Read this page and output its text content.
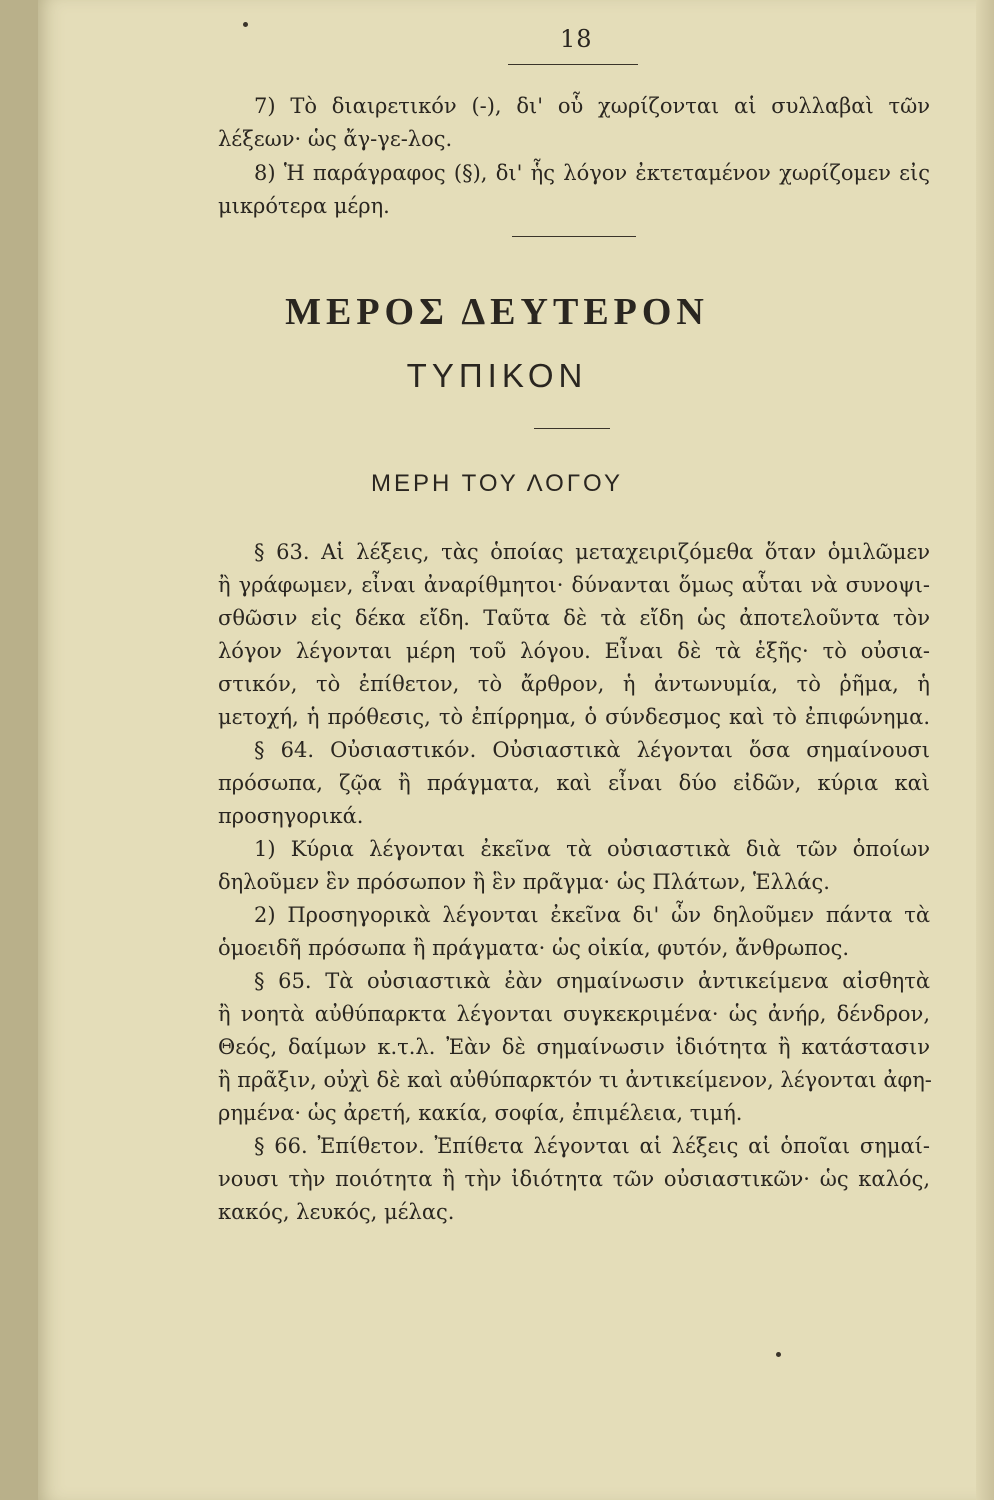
18
7) Τὸ διαιρετικόν (-), δι' οὗ χωρίζονται αἱ συλλαβαὶ τῶν
λέξεων· ὡς ἄγ-γε-λος.
8) Ἡ παράγραφος (§), δι' ἧς λόγον ἐκτεταμένον χωρίζομεν εἰς
μικρότερα μέρη.
ΜΕΡΟΣ ΔΕΥΤΕΡΟΝ
ΤΥΠΙΚΟΝ
ΜΕΡΗ ΤΟΥ ΛΟΓΟΥ
§ 63. Αἱ λέξεις, τὰς ὁποίας μεταχειριζόμεθα ὅταν ὁμιλῶμεν
ἢ γράφωμεν, εἶναι ἀναρίθμητοι· δύνανται ὅμως αὗται νὰ συνοψι-
σθῶσιν εἰς δέκα εἴδη. Ταῦτα δὲ τὰ εἴδη ὡς ἀποτελοῦντα τὸν
λόγον λέγονται μέρη τοῦ λόγου. Εἶναι δὲ τὰ ἑξῆς· τὸ οὐσια-
στικόν, τὸ ἐπίθετον, τὸ ἄρθρον, ἡ ἀντωνυμία, τὸ ῥῆμα, ἡ
μετοχή, ἡ πρόθεσις, τὸ ἐπίρρημα, ὁ σύνδεσμος καὶ τὸ ἐπιφώνημα.
§ 64. Οὐσιαστικόν. Οὐσιαστικὰ λέγονται ὅσα σημαίνουσι
πρόσωπα, ζῷα ἢ πράγματα, καὶ εἶναι δύο εἰδῶν, κύρια καὶ
προσηγορικά.
1) Κύρια λέγονται ἐκεῖνα τὰ οὐσιαστικὰ διὰ τῶν ὁποίων
δηλοῦμεν ἓν πρόσωπον ἢ ἓν πρᾶγμα· ὡς Πλάτων, Ἑλλάς.
2) Προσηγορικὰ λέγονται ἐκεῖνα δι' ὧν δηλοῦμεν πάντα τὰ
ὁμοειδῆ πρόσωπα ἢ πράγματα· ὡς οἰκία, φυτόν, ἄνθρωπος.
§ 65. Τὰ οὐσιαστικὰ ἐὰν σημαίνωσιν ἀντικείμενα αἰσθητὰ
ἢ νοητὰ αὐθύπαρκτα λέγονται συγκεκριμένα· ὡς ἀνήρ, δένδρον,
Θεός, δαίμων κ.τ.λ. Ἐὰν δὲ σημαίνωσιν ἰδιότητα ἢ κατάστασιν
ἢ πρᾶξιν, οὐχὶ δὲ καὶ αὐθύπαρκτόν τι ἀντικείμενον, λέγονται ἀφη-
ρημένα· ὡς ἀρετή, κακία, σοφία, ἐπιμέλεια, τιμή.
§ 66. Ἐπίθετον. Ἐπίθετα λέγονται αἱ λέξεις αἱ ὁποῖαι σημαί-
νουσι τὴν ποιότητα ἢ τὴν ἰδιότητα τῶν οὐσιαστικῶν· ὡς καλός,
κακός, λευκός, μέλας.
